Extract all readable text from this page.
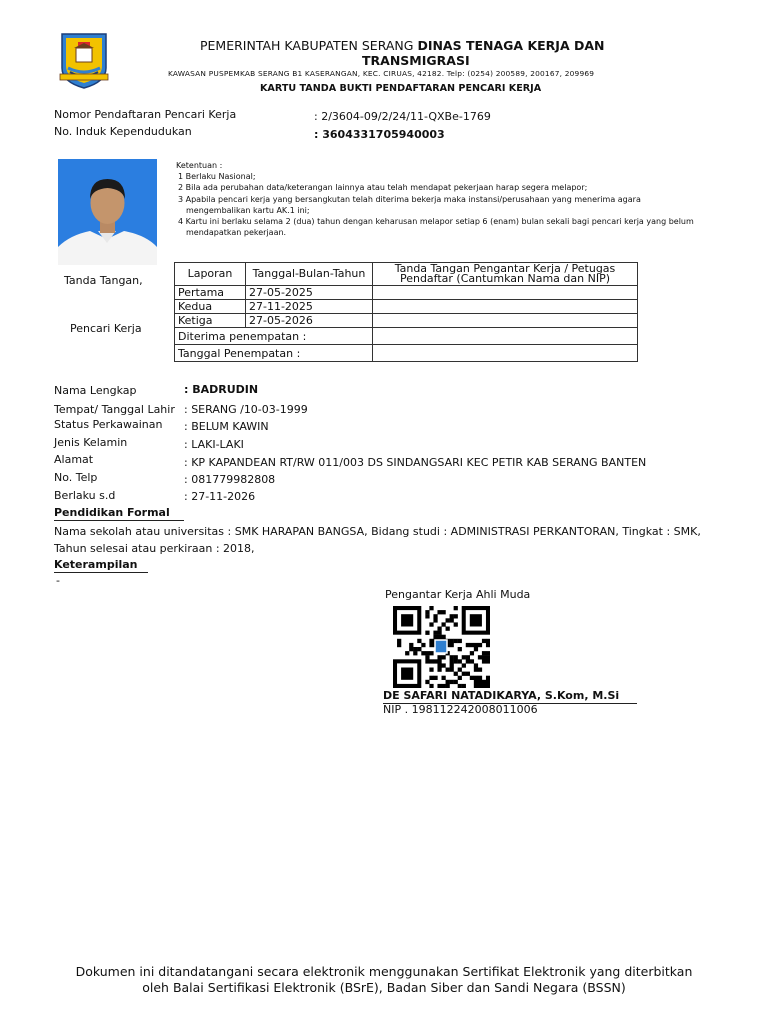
PEMERINTAH KABUPATEN SERANG DINAS TENAGA KERJA DAN
TRANSMIGRASI
KAWASAN PUSPEMKAB SERANG B1 KASERANGAN, KEC. CIRUAS, 42182. Telp: (0254) 200589, 200167, 209969
KARTU TANDA BUKTI PENDAFTARAN PENCARI KERJA
Nomor Pendaftaran Pencari Kerja	: 2/3604-09/2/24/11-QXBe-1769
No. Induk Kependudukan	: 3604331705940003
Ketentuan :
1 Berlaku Nasional;
2 Bila ada perubahan data/keterangan lainnya atau telah mendapat pekerjaan harap segera melapor;
3 Apabila pencari kerja yang bersangkutan telah diterima bekerja maka instansi/perusahaan yang menerima agara mengembalikan kartu AK.1 ini;
4 Kartu ini berlaku selama 2 (dua) tahun dengan keharusan melapor setiap 6 (enam) bulan sekali bagi pencari kerja yang belum mendapatkan pekerjaan.
Tanda Tangan,
Pencari Kerja
Laporan	Tanggal-Bulan-Tahun	Tanda Tangan Pengantar Kerja / Petugas Pendaftar (Cantumkan Nama dan NIP)
Pertama	27-05-2025	
Kedua	27-11-2025	
Ketiga	27-05-2026	
Diterima penempatan :		
Tanggal Penempatan :		
Nama Lengkap	: BADRUDIN
Tempat/ Tanggal Lahir : SERANG /10-03-1999
Status Perkawainan : BELUM KAWIN
Jenis Kelamin	: LAKI-LAKI
Alamat	: KP KAPANDEAN RT/RW 011/003 DS SINDANGSARI KEC PETIR KAB SERANG BANTEN
No. Telp	: 081779982808
Berlaku s.d	: 27-11-2026
Pendidikan Formal
Nama sekolah atau universitas : SMK HARAPAN BANGSA, Bidang studi : ADMINISTRASI PERKANTORAN, Tingkat : SMK,
Tahun selesai atau perkiraan : 2018,
Keterampilan
-
Pengantar Kerja Ahli Muda
DE SAFARI NATADIKARYA, S.Kom, M.Si
NIP . 198112242008011006
Dokumen ini ditandatangani secara elektronik menggunakan Sertifikat Elektronik yang diterbitkan
oleh Balai Sertifikasi Elektronik (BSrE), Badan Siber dan Sandi Negara (BSSN)
